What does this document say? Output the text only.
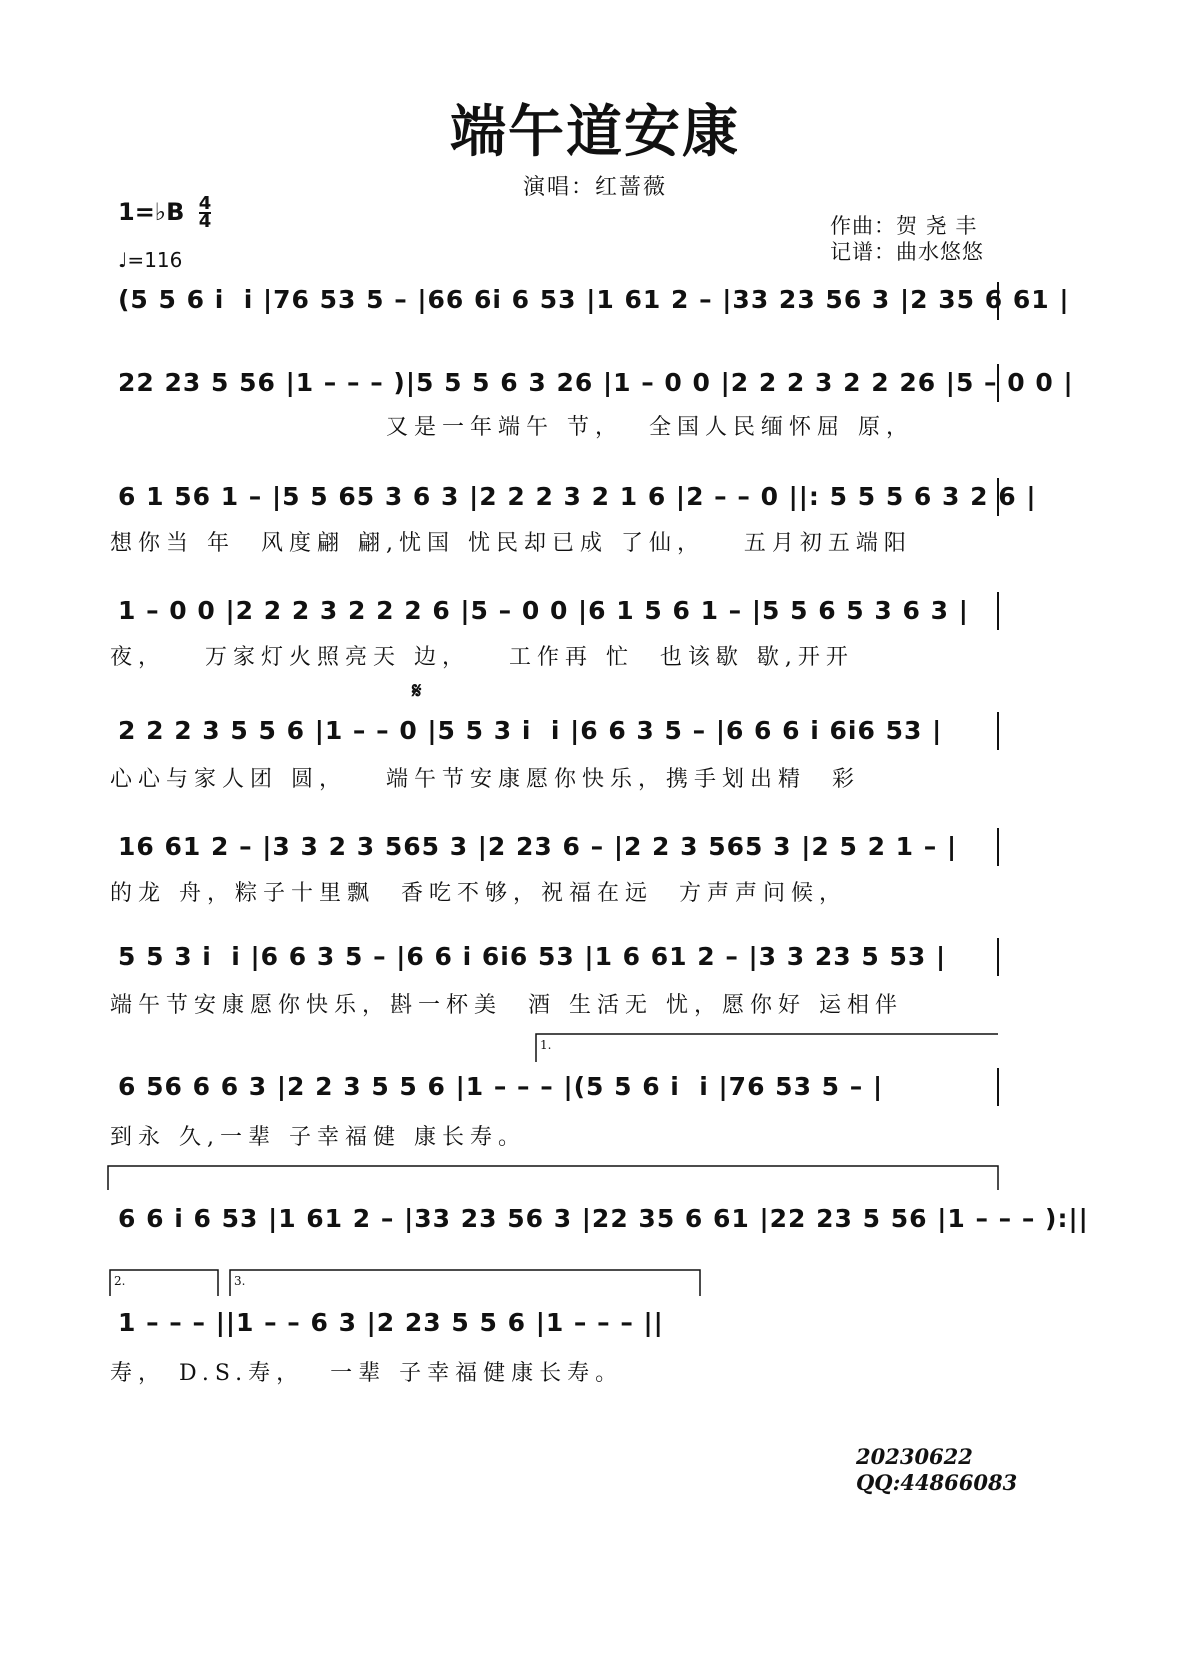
端午道安康
演唱：红蔷薇
1=♭B $\frac{4}{4}$
♩=116
作曲：贺 尧 丰
记谱：曲水悠悠
(5 5 6 i  i |76 53 5 – |66 6i 6 53 |1 61 2 – |33 23 56 3 |2 35 6 61 |
22 23 5 56 |1 – – – )|5 5 5 6 3 26 |1 – 0 0 |2 2 2 3 2 2 26 |5 – 0 0 |
又是一年端午 节，  全国人民缅怀屈 原，
6 1 56 1 – |5 5 65 3 6 3 |2 2 2 3 2 1 6 |2 – – 0 ||: 5 5 5 6 3 2 6 |
想你当 年  风度翩 翩,忧国 忧民却已成 了仙，   五月初五端阳
1 – 0 0 |2 2 2 3 2 2 2 6 |5 – 0 0 |6 1 5 6 1 – |5 5 6 5 3 6 3 |
夜，   万家灯火照亮天 边，   工作再 忙  也该歇 歇,开开
𝄋
2 2 2 3 5 5 6 |1 – – 0 |5 5 3 i  i |6 6 3 5 – |6 6 6 i 6i6 53 |
心心与家人团 圆，   端午节安康愿你快乐，携手划出精  彩
16 61 2 – |3 3 2 3 565 3 |2 23 6 – |2 2 3 565 3 |2 5 2 1 – |
的龙 舟，粽子十里飘  香吃不够，祝福在远  方声声问候，
5 5 3 i  i |6 6 3 5 – |6 6 i 6i6 53 |1 6 61 2 – |3 3 23 5 53 |
端午节安康愿你快乐，斟一杯美  酒 生活无 忧，愿你好 运相伴
1.
6 56 6 6 3 |2 2 3 5 5 6 |1 – – – |(5 5 6 i  i |76 53 5 – |
到永 久,一辈 子幸福健 康长寿。
6 6 i 6 53 |1 61 2 – |33 23 56 3 |22 35 6 61 |22 23 5 56 |1 – – – ):||
2.	3.
1 – – – ||1 – – 6 3 |2 23 5 5 6 |1 – – – ||
寿， D.S.寿，  一辈 子幸福健康长寿。
20230622
QQ:44866083
